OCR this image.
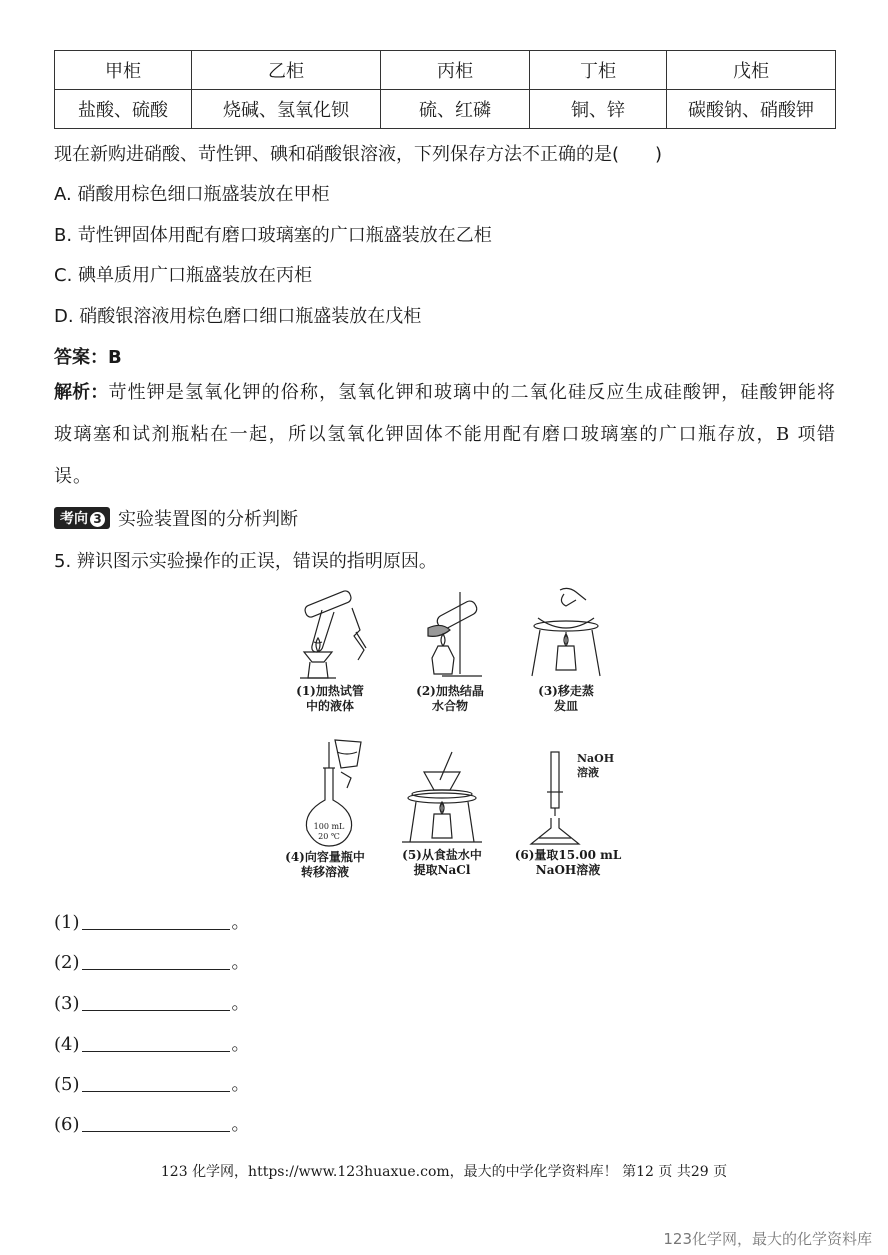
甲柜	乙柜	丙柜	丁柜	戊柜
盐酸、硫酸	烧碱、氢氧化钡	硫、红磷	铜、锌	碳酸钠、硝酸钾
现在新购进硝酸、苛性钾、碘和硝酸银溶液，下列保存方法不正确的是(　　)
A. 硝酸用棕色细口瓶盛装放在甲柜
B. 苛性钾固体用配有磨口玻璃塞的广口瓶盛装放在乙柜
C. 碘单质用广口瓶盛装放在丙柜
D. 硝酸银溶液用棕色磨口细口瓶盛装放在戊柜
答案：B
解析：苛性钾是氢氧化钾的俗称，氢氧化钾和玻璃中的二氧化硅反应生成硅酸钾，硅酸钾能将玻璃塞和试剂瓶粘在一起，所以氢氧化钾固体不能用配有磨口玻璃塞的广口瓶存放，B 项错误。
考向 3 实验装置图的分析判断
5. 辨识图示实验操作的正误，错误的指明原因。
(1)加热试管
中的液体
(2)加热结晶
水合物
(3)移走蒸
发皿
100 mL
20 ℃
(4)向容量瓶中
转移溶液
(5)从食盐水中
提取NaCl
NaOH
溶液
(6)量取15.00 mL
NaOH溶液
(1)	。
(2)	。
(3)	。
(4)	。
(5)	。
(6)	。
123 化学网，https://www.123huaxue.com，最大的中学化学资料库！ 第12 页 共29 页
123化学网，最大的化学资料库
